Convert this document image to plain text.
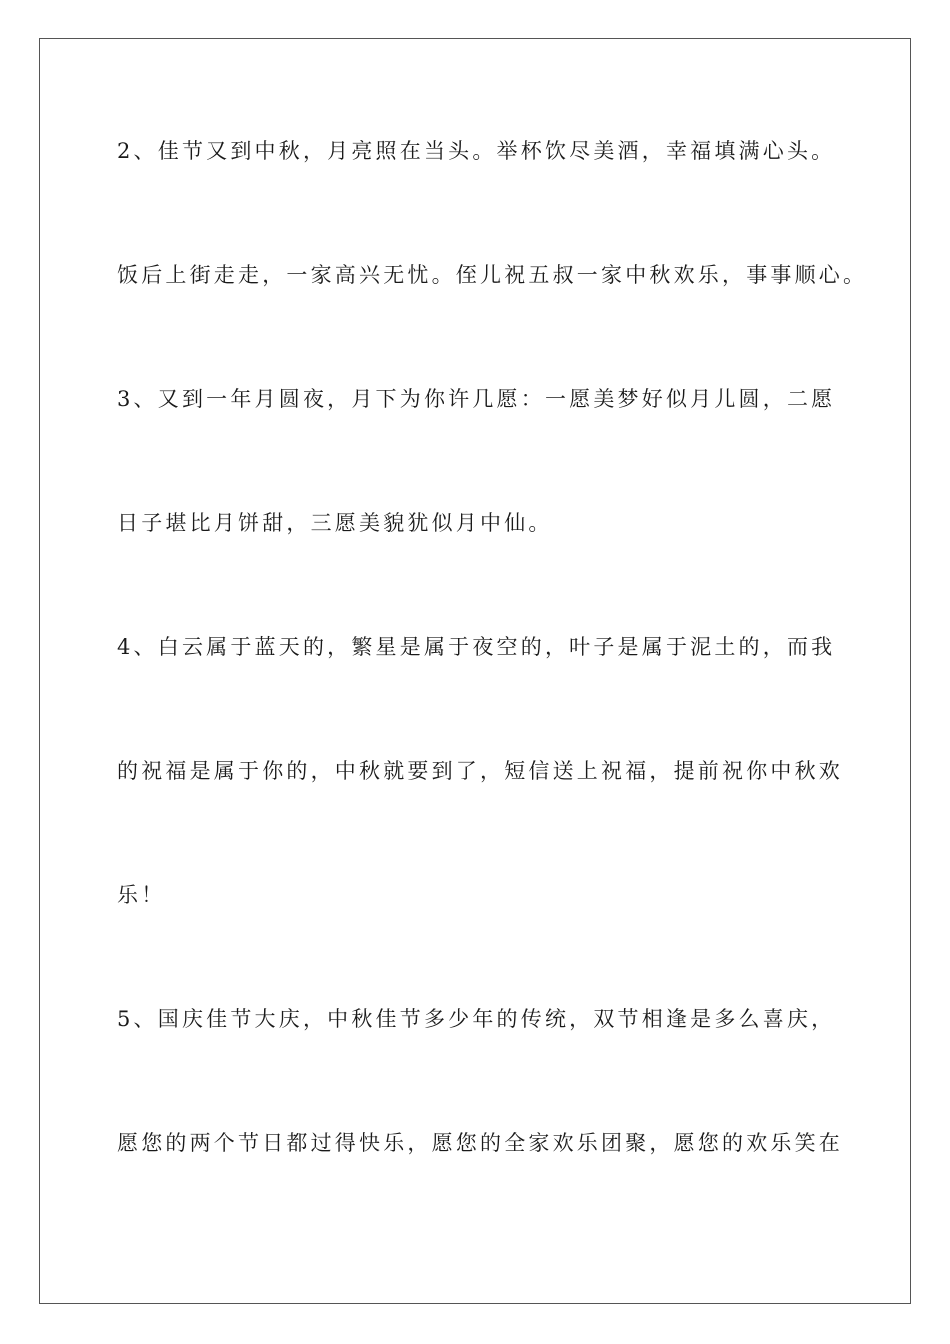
2、佳节又到中秋，月亮照在当头。举杯饮尽美酒，幸福填满心头。
饭后上街走走，一家高兴无忧。侄儿祝五叔一家中秋欢乐，事事顺心。
3、又到一年月圆夜，月下为你许几愿：一愿美梦好似月儿圆，二愿
日子堪比月饼甜，三愿美貌犹似月中仙。
4、白云属于蓝天的，繁星是属于夜空的，叶子是属于泥土的，而我
的祝福是属于你的，中秋就要到了，短信送上祝福，提前祝你中秋欢
乐！
5、国庆佳节大庆，中秋佳节多少年的传统，双节相逢是多么喜庆，
愿您的两个节日都过得快乐，愿您的全家欢乐团聚，愿您的欢乐笑在
